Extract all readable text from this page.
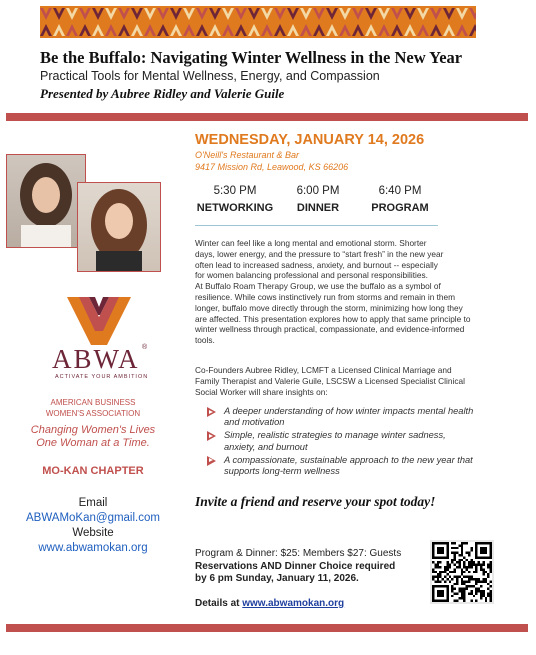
Be the Buffalo: Navigating Winter Wellness in the New Year
Practical Tools for Mental Wellness, Energy, and Compassion
Presented by Aubree Ridley and Valerie Guile
ABWA ®
ACTIVATE YOUR AMBITION
AMERICAN BUSINESS
WOMEN'S ASSOCIATION
Changing Women's Lives
One Woman at a Time.
MO-KAN CHAPTER
Email
ABWAMoKan@gmail.com
Website
www.abwamokan.org
WEDNESDAY, JANUARY 14, 2026
O'Neill's Restaurant & Bar
9417 Mission Rd, Leawood, KS 66206
5:30 PM
NETWORKING
6:00 PM
DINNER
6:40 PM
PROGRAM
Winter can feel like a long mental and emotional storm. Shorter
days, lower energy, and the pressure to “start fresh” in the new year
often lead to increased sadness, anxiety, and burnout -- especially
for women balancing professional and personal responsibilities.
At Buffalo Roam Therapy Group, we use the buffalo as a symbol of
resilience. While cows instinctively run from storms and remain in them
longer, buffalo move directly through the storm, minimizing how long they
are affected. This presentation explores how to apply that same principle to
winter wellness through practical, compassionate, and evidence-informed
tools.
Co-Founders Aubree Ridley, LCMFT a Licensed Clinical Marriage and
Family Therapist and Valerie Guile, LSCSW a Licensed Specialist Clinical
Social Worker will share insights on:
A deeper understanding of how winter impacts mental health
and motivation
Simple, realistic strategies to manage winter sadness,
anxiety, and burnout
A compassionate, sustainable approach to the new year that
supports long-term wellness
Invite a friend and reserve your spot today!
Program & Dinner: $25: Members $27: Guests
Reservations AND Dinner Choice required
by 6 pm Sunday, January 11, 2026.
Details at www.abwamokan.org
